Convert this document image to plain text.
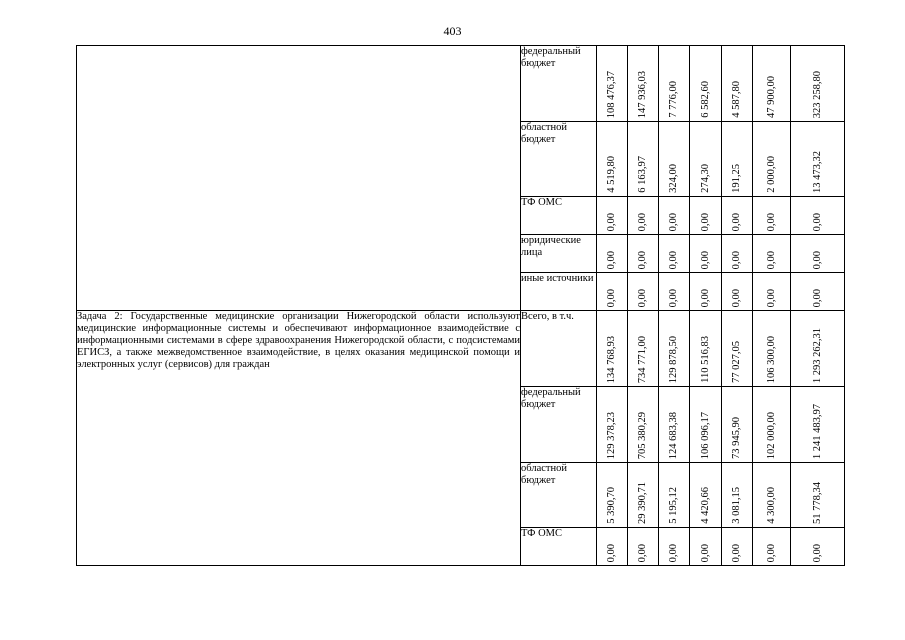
403
	федеральный бюджет	108 476,37	147 936,03	7 776,00	6 582,60	4 587,80	47 900,00	323 258,80

	областной бюджет	4 519,80	6 163,97	324,00	274,30	191,25	2 000,00	13 473,32

	ТФ ОМС	0,00	0,00	0,00	0,00	0,00	0,00	0,00

	юридические лица	0,00	0,00	0,00	0,00	0,00	0,00	0,00

	иные источники	0,00	0,00	0,00	0,00	0,00	0,00	0,00

Задача 2: Государственные медицинские организации Нижегородской области используют медицинские информационные системы и обеспечивают информационное взаимодействие с информационными системами в сфере здравоохранения Нижегородской области, с подсистемами ЕГИСЗ, а также межведомственное взаимодействие, в целях оказания медицинской помощи и электронных услуг (сервисов) для граждан	Всего, в т.ч.	134 768,93	734 771,00	129 878,50	110 516,83	77 027,05	106 300,00	1 293 262,31

	федеральный бюджет	129 378,23	705 380,29	124 683,38	106 096,17	73 945,90	102 000,00	1 241 483,97

	областной бюджет	5 390,70	29 390,71	5 195,12	4 420,66	3 081,15	4 300,00	51 778,34

	ТФ ОМС	0,00	0,00	0,00	0,00	0,00	0,00	0,00
